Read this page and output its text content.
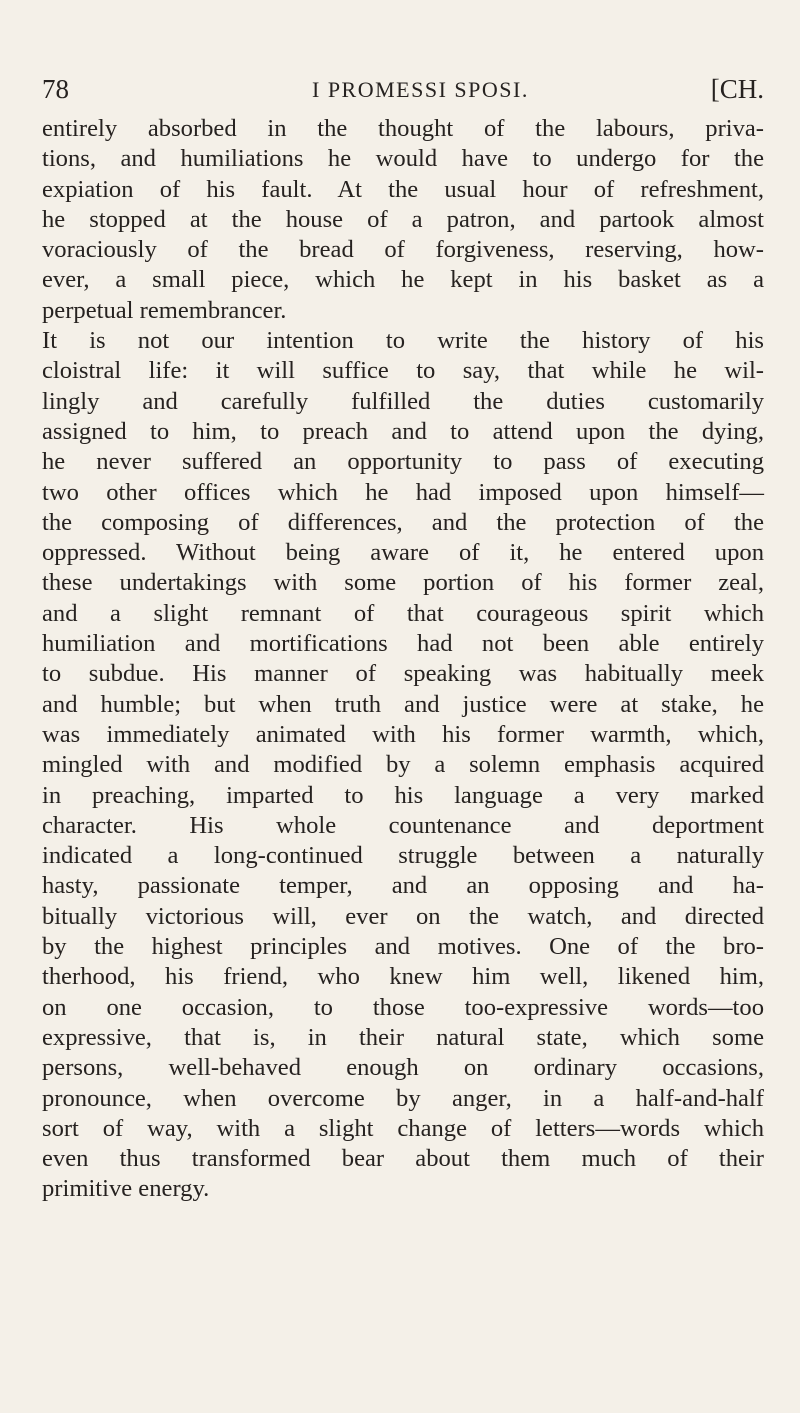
78	I PROMESSI SPOSI.	[CH.
entirely absorbed in the thought of the labours, priva-
tions, and humiliations he would have to undergo for the
expiation of his fault. At the usual hour of refreshment,
he stopped at the house of a patron, and partook almost
voraciously of the bread of forgiveness, reserving, how-
ever, a small piece, which he kept in his basket as a
perpetual remembrancer.
It is not our intention to write the history of his
cloistral life: it will suffice to say, that while he wil-
lingly and carefully fulfilled the duties customarily
assigned to him, to preach and to attend upon the dying,
he never suffered an opportunity to pass of executing
two other offices which he had imposed upon himself—
the composing of differences, and the protection of the
oppressed. Without being aware of it, he entered upon
these undertakings with some portion of his former zeal,
and a slight remnant of that courageous spirit which
humiliation and mortifications had not been able entirely
to subdue. His manner of speaking was habitually meek
and humble; but when truth and justice were at stake, he
was immediately animated with his former warmth, which,
mingled with and modified by a solemn emphasis acquired
in preaching, imparted to his language a very marked
character. His whole countenance and deportment
indicated a long-continued struggle between a naturally
hasty, passionate temper, and an opposing and ha-
bitually victorious will, ever on the watch, and directed
by the highest principles and motives. One of the bro-
therhood, his friend, who knew him well, likened him,
on one occasion, to those too-expressive words—too
expressive, that is, in their natural state, which some
persons, well-behaved enough on ordinary occasions,
pronounce, when overcome by anger, in a half-and-half
sort of way, with a slight change of letters—words which
even thus transformed bear about them much of their
primitive energy.
